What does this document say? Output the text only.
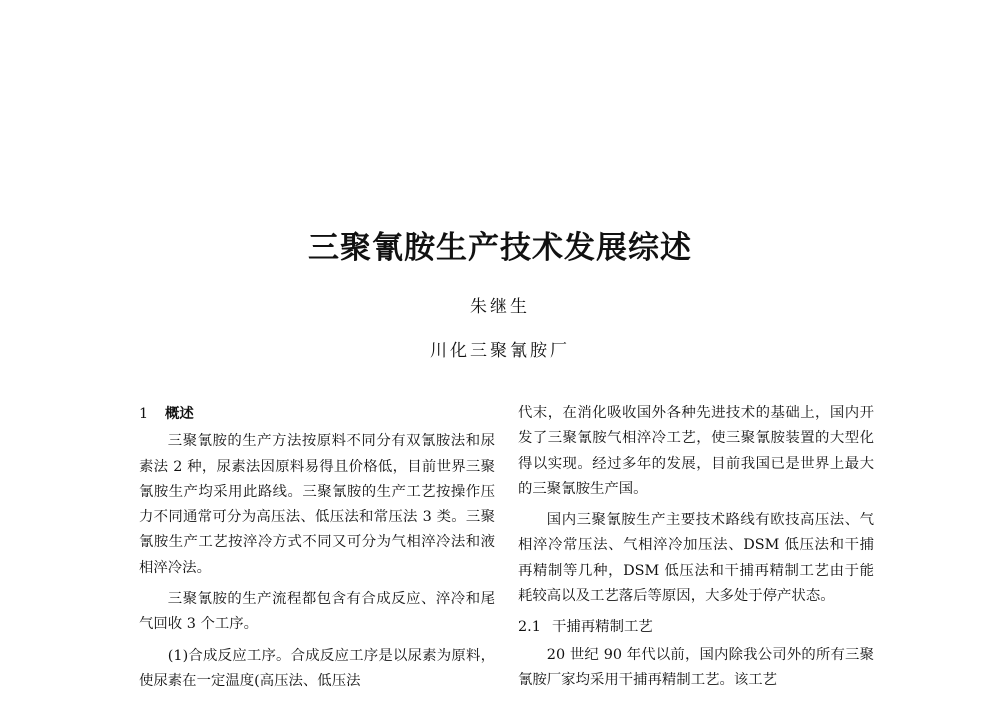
三聚氰胺生产技术发展综述
朱继生
川化三聚氰胺厂
1 概述

三聚氰胺的生产方法按原料不同分有双氰胺法和尿素法 2 种，尿素法因原料易得且价格低，目前世界三聚氰胺生产均采用此路线。三聚氰胺的生产工艺按操作压力不同通常可分为高压法、低压法和常压法 3 类。三聚氰胺生产工艺按淬冷方式不同又可分为气相淬冷法和液相淬冷法。

三聚氰胺的生产流程都包含有合成反应、淬冷和尾气回收 3 个工序。

(1)合成反应工序。合成反应工序是以尿素为原料，使尿素在一定温度(高压法、低压法

代末，在消化吸收国外各种先进技术的基础上，国内开发了三聚氰胺气相淬冷工艺，使三聚氰胺装置的大型化得以实现。经过多年的发展，目前我国已是世界上最大的三聚氰胺生产国。

国内三聚氰胺生产主要技术路线有欧技高压法、气相淬冷常压法、气相淬冷加压法、DSM 低压法和干捕再精制等几种，DSM 低压法和干捕再精制工艺由于能耗较高以及工艺落后等原因，大多处于停产状态。

2.1 干捕再精制工艺

20 世纪 90 年代以前，国内除我公司外的所有三聚氰胺厂家均采用干捕再精制工艺。该工艺
